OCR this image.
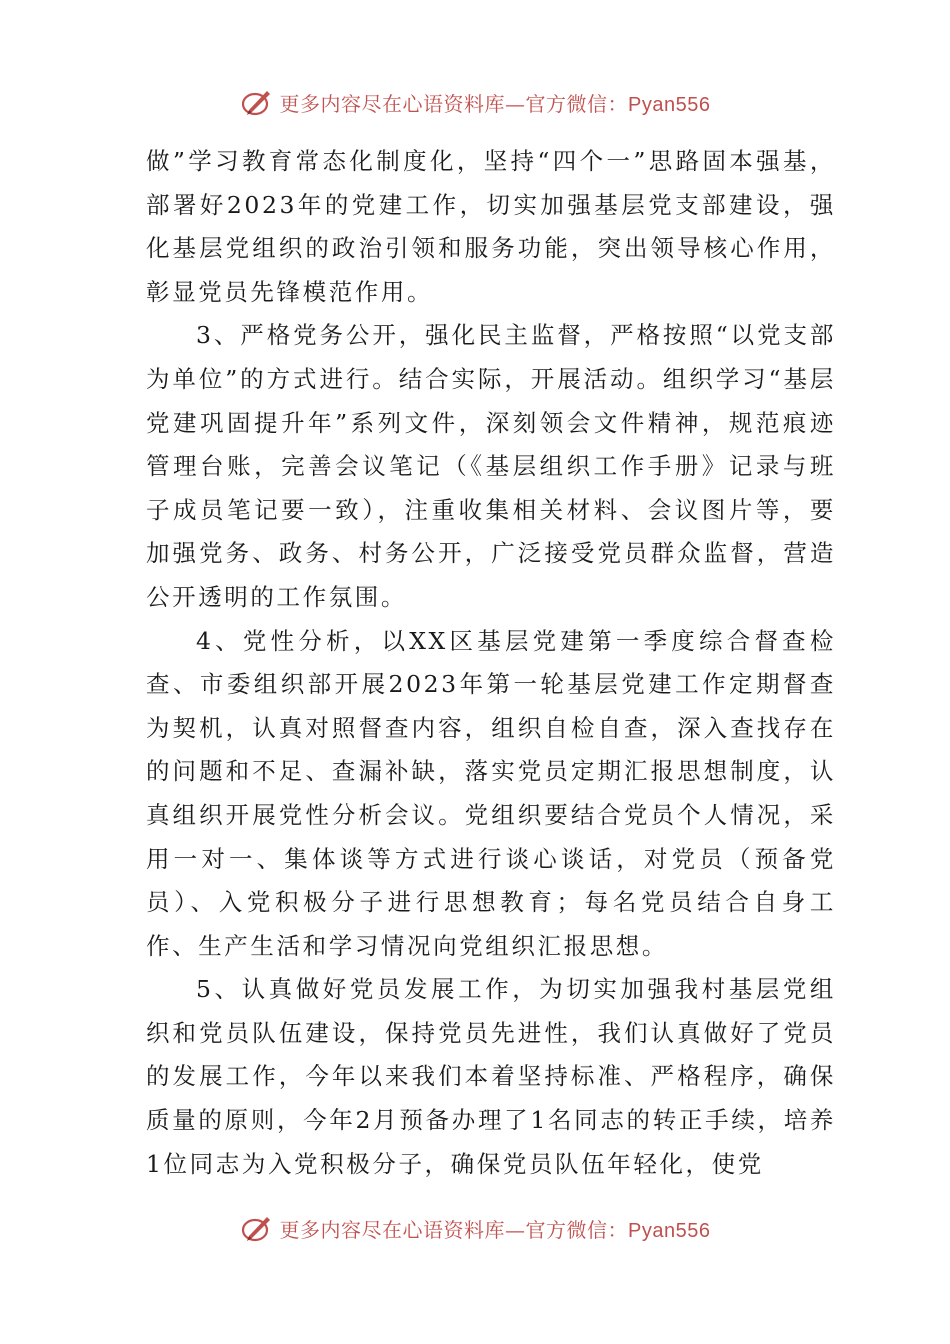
更多内容尽在心语资料库—官方微信：Pyan556

做”学习教育常态化制度化，坚持“四个一”思路固本强基，部署好2023年的党建工作，切实加强基层党支部建设，强化基层党组织的政治引领和服务功能，突出领导核心作用，彰显党员先锋模范作用。

3、严格党务公开，强化民主监督，严格按照“以党支部为单位”的方式进行。结合实际，开展活动。组织学习“基层党建巩固提升年”系列文件，深刻领会文件精神，规范痕迹管理台账，完善会议笔记（《基层组织工作手册》记录与班子成员笔记要一致），注重收集相关材料、会议图片等，要加强党务、政务、村务公开，广泛接受党员群众监督，营造公开透明的工作氛围。

4、党性分析，以XX区基层党建第一季度综合督查检查、市委组织部开展2023年第一轮基层党建工作定期督查为契机，认真对照督查内容，组织自检自查，深入查找存在的问题和不足、查漏补缺，落实党员定期汇报思想制度，认真组织开展党性分析会议。党组织要结合党员个人情况，采用一对一、集体谈等方式进行谈心谈话，对党员（预备党员）、入党积极分子进行思想教育；每名党员结合自身工作、生产生活和学习情况向党组织汇报思想。

5、认真做好党员发展工作，为切实加强我村基层党组织和党员队伍建设，保持党员先进性，我们认真做好了党员的发展工作，今年以来我们本着坚持标准、严格程序，确保质量的原则，今年2月预备办理了1名同志的转正手续，培养1位同志为入党积极分子，确保党员队伍年轻化，使党

更多内容尽在心语资料库—官方微信：Pyan556
